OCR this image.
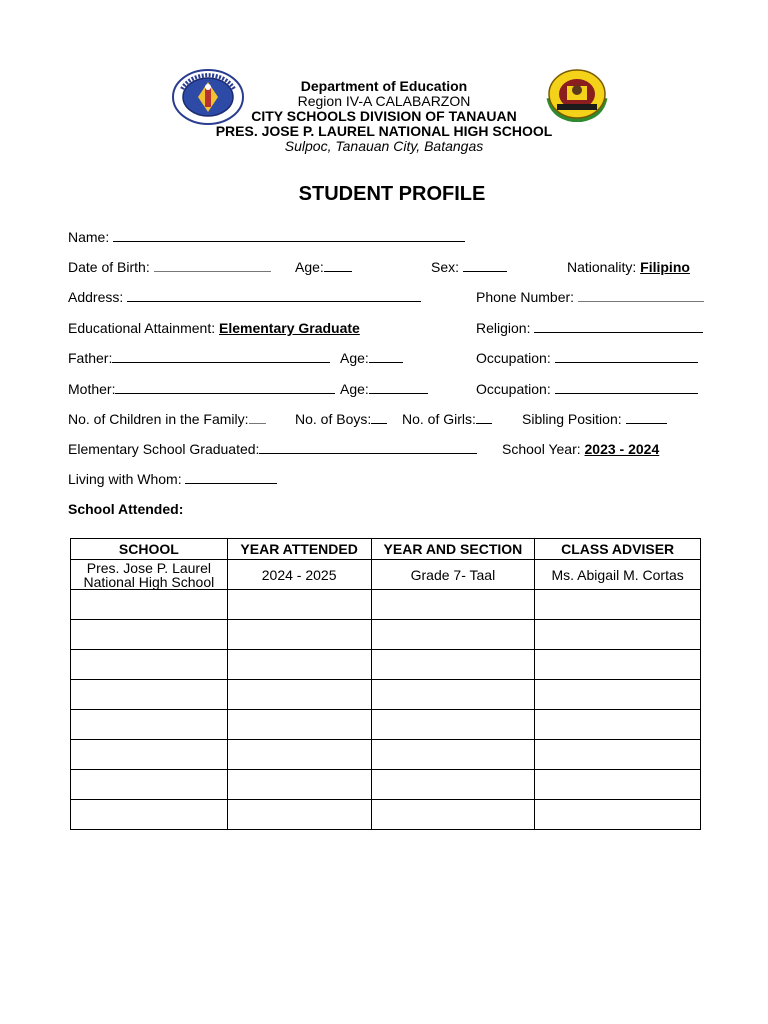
Department of Education
Region IV-A CALABARZON
CITY SCHOOLS DIVISION OF TANAUAN
PRES. JOSE P. LAUREL NATIONAL HIGH SCHOOL
Sulpoc, Tanauan City, Batangas
STUDENT PROFILE
Name:
Date of Birth:	Age:	Sex:	Nationality: Filipino
Address:	Phone Number:
Educational Attainment: Elementary Graduate	Religion:
Father:	Age:	Occupation:
Mother:	Age:	Occupation:
No. of Children in the Family:	No. of Boys:	No. of Girls:	Sibling Position:
Elementary School Graduated:	School Year: 2023 - 2024
Living with Whom:
School Attended:
SCHOOL	YEAR ATTENDED	YEAR AND SECTION	CLASS ADVISER

Pres. Jose P. Laurel
National High School	2024 - 2025	Grade 7- Taal	Ms. Abigail M. Cortas
